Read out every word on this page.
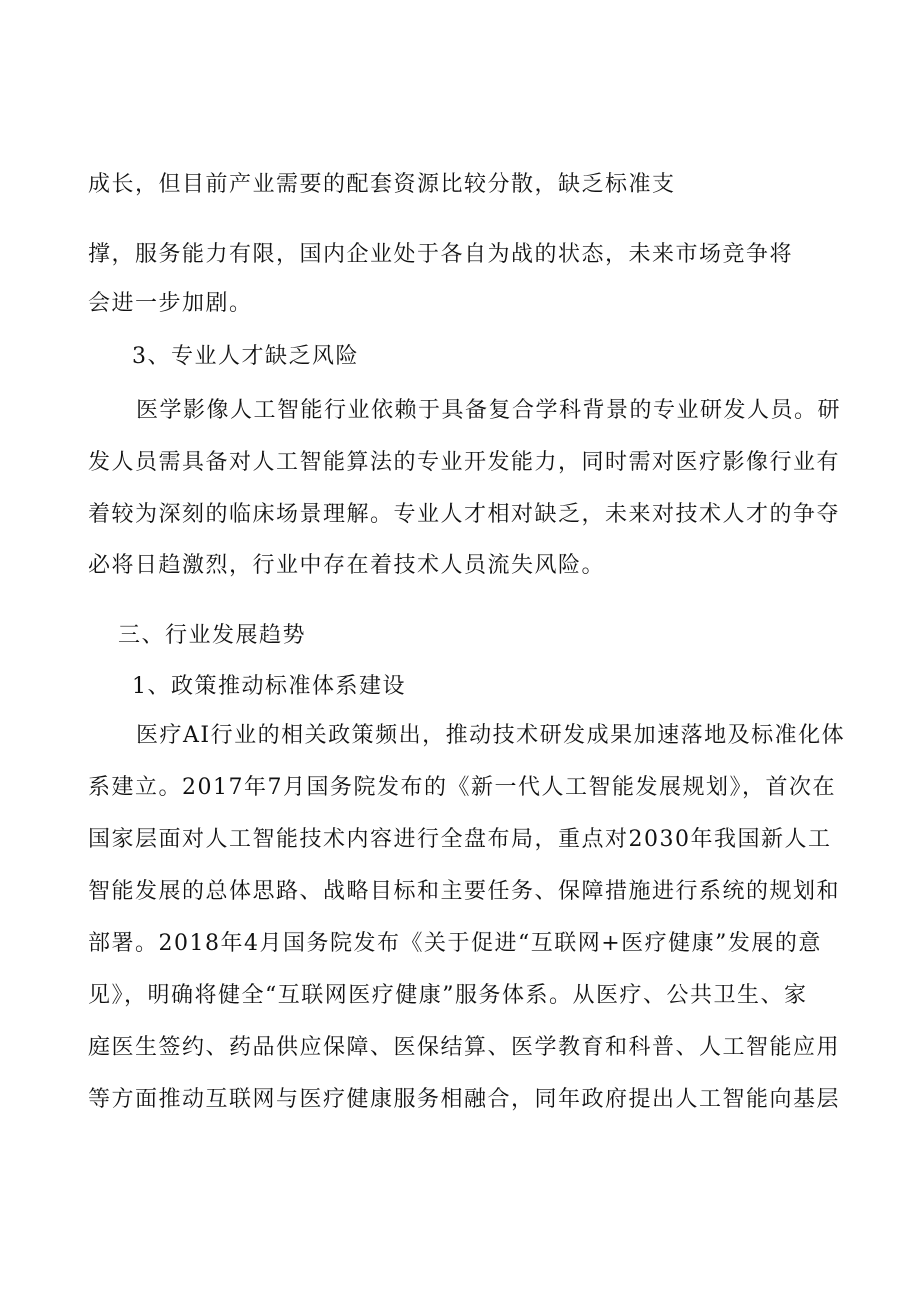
成长，但目前产业需要的配套资源比较分散，缺乏标准支
撑，服务能力有限，国内企业处于各自为战的状态，未来市场竞争将
会进一步加剧。
3、专业人才缺乏风险
医学影像人工智能行业依赖于具备复合学科背景的专业研发人员。研
发人员需具备对人工智能算法的专业开发能力，同时需对医疗影像行业有
着较为深刻的临床场景理解。专业人才相对缺乏，未来对技术人才的争夺
必将日趋激烈，行业中存在着技术人员流失风险。
三、行业发展趋势
1、政策推动标准体系建设
医疗AI行业的相关政策频出，推动技术研发成果加速落地及标准化体
系建立。2017年7月国务院发布的《新一代人工智能发展规划》，首次在
国家层面对人工智能技术内容进行全盘布局，重点对2030年我国新人工
智能发展的总体思路、战略目标和主要任务、保障措施进行系统的规划和
部署。2018年4月国务院发布《关于促进“互联网+医疗健康”发展的意
见》，明确将健全“互联网医疗健康”服务体系。从医疗、公共卫生、家
庭医生签约、药品供应保障、医保结算、医学教育和科普、人工智能应用
等方面推动互联网与医疗健康服务相融合，同年政府提出人工智能向基层
